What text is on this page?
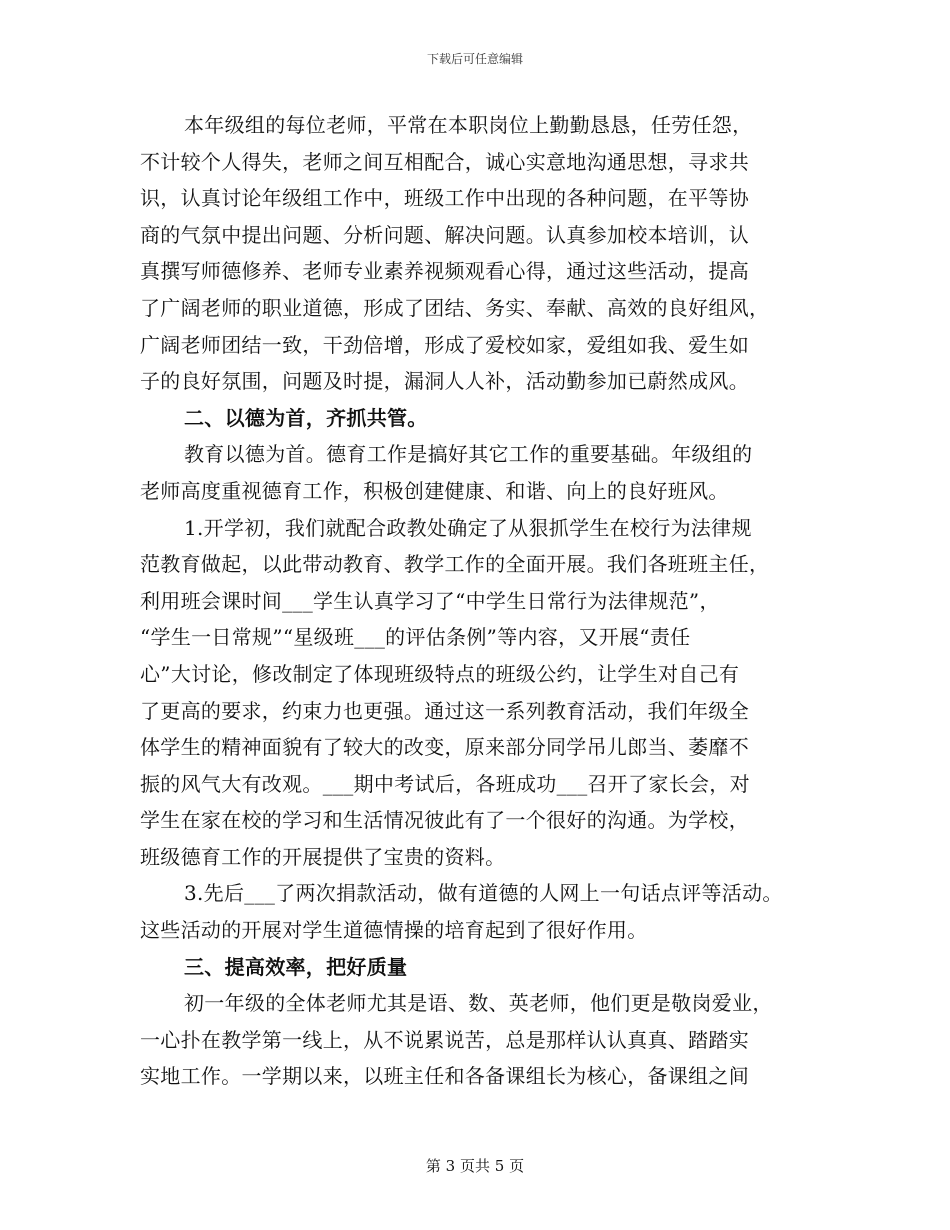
下载后可任意编辑
本年级组的每位老师，平常在本职岗位上勤勤恳恳，任劳任怨，
不计较个人得失，老师之间互相配合，诚心实意地沟通思想，寻求共
识，认真讨论年级组工作中，班级工作中出现的各种问题，在平等协
商的气氛中提出问题、分析问题、解决问题。认真参加校本培训，认
真撰写师德修养、老师专业素养视频观看心得，通过这些活动，提高
了广阔老师的职业道德，形成了团结、务实、奉献、高效的良好组风，
广阔老师团结一致，干劲倍增，形成了爱校如家，爱组如我、爱生如
子的良好氛围，问题及时提，漏洞人人补，活动勤参加已蔚然成风。
二、以德为首，齐抓共管。
教育以德为首。德育工作是搞好其它工作的重要基础。年级组的
老师高度重视德育工作，积极创建健康、和谐、向上的良好班风。
1.开学初，我们就配合政教处确定了从狠抓学生在校行为法律规
范教育做起，以此带动教育、教学工作的全面开展。我们各班班主任，
利用班会课时间___学生认真学习了“中学生日常行为法律规范”，
“学生一日常规”“星级班___的评估条例”等内容，又开展“责任
心”大讨论，修改制定了体现班级特点的班级公约，让学生对自己有
了更高的要求，约束力也更强。通过这一系列教育活动，我们年级全
体学生的精神面貌有了较大的改变，原来部分同学吊儿郎当、萎靡不
振的风气大有改观。___期中考试后，各班成功___召开了家长会，对
学生在家在校的学习和生活情况彼此有了一个很好的沟通。为学校，
班级德育工作的开展提供了宝贵的资料。
3.先后___了两次捐款活动，做有道德的人网上一句话点评等活动。
这些活动的开展对学生道德情操的培育起到了很好作用。
三、提高效率，把好质量
初一年级的全体老师尤其是语、数、英老师，他们更是敬岗爱业，
一心扑在教学第一线上，从不说累说苦，总是那样认认真真、踏踏实
实地工作。一学期以来，以班主任和各备课组长为核心，备课组之间
第 3 页共 5 页
